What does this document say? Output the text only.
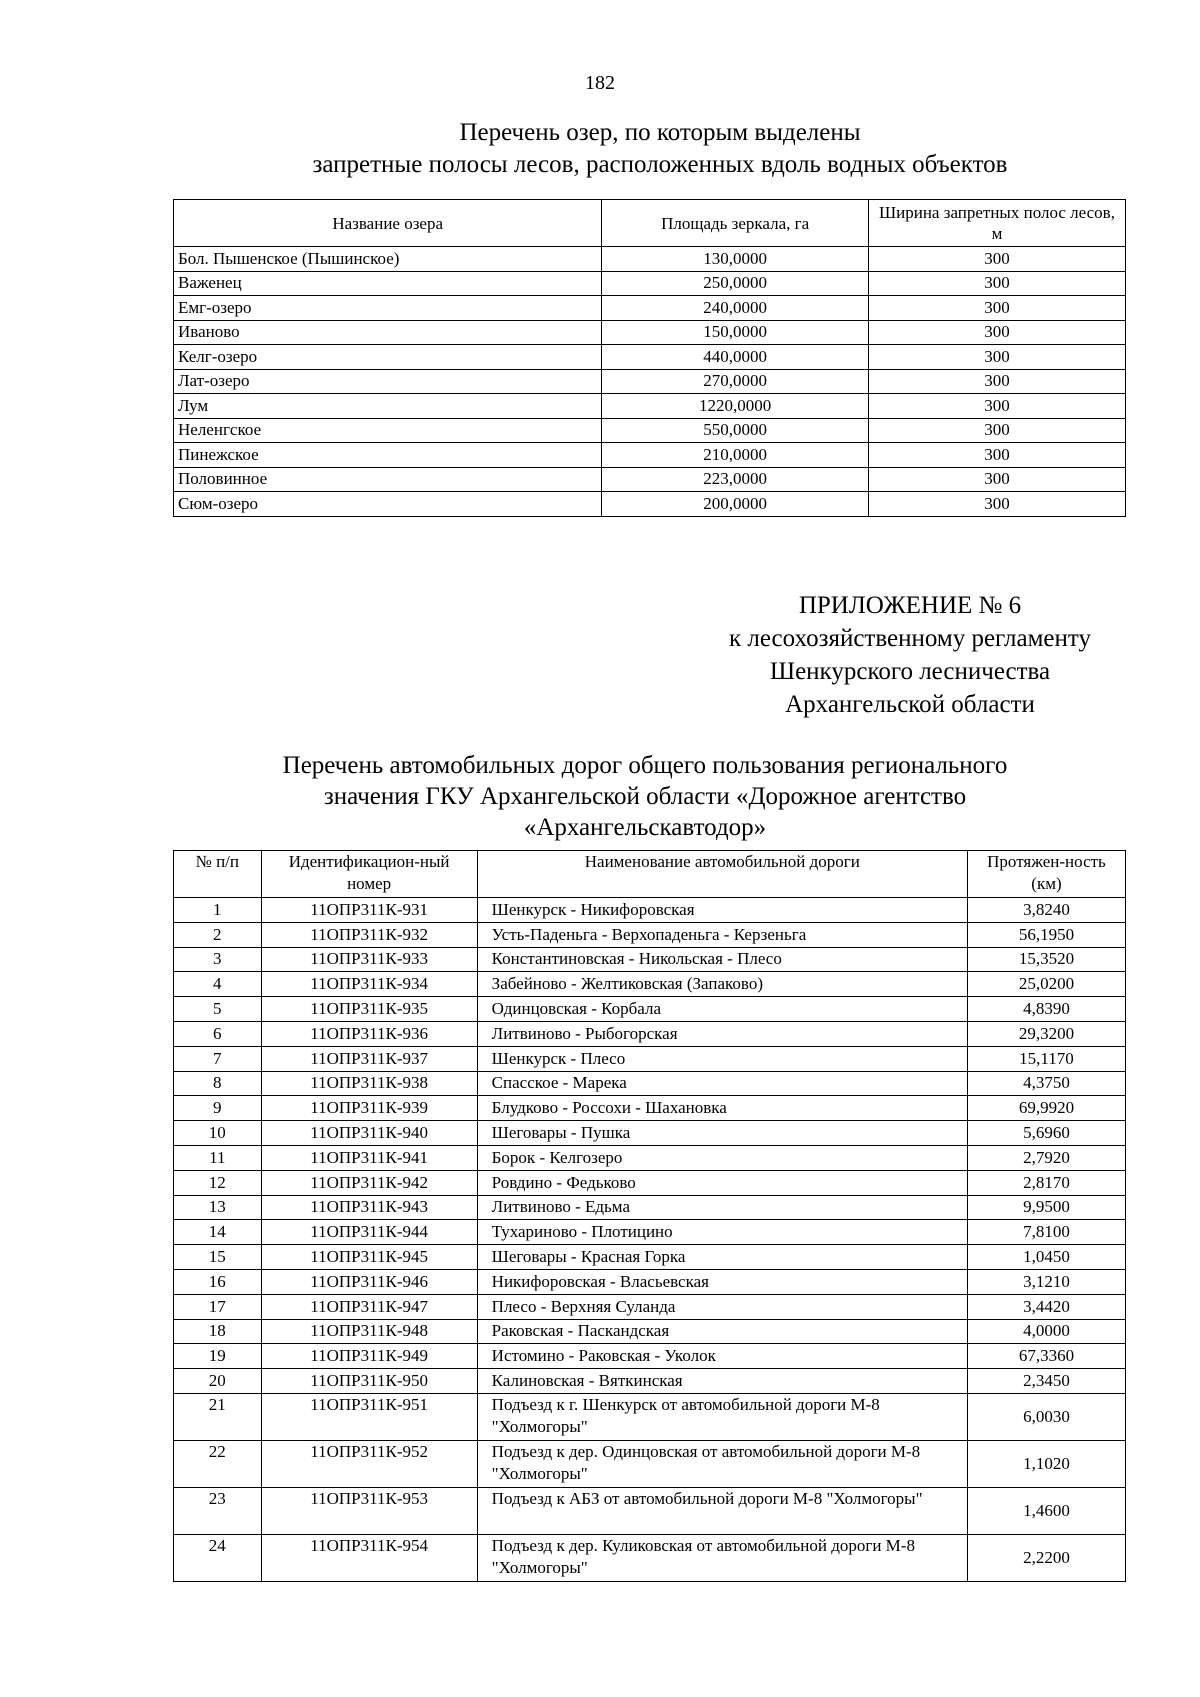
182
Перечень озер, по которым выделены
запретные полосы лесов, расположенных вдоль водных объектов
Название озера	Площадь зеркала, га	Ширина запретных полос лесов, м
Бол. Пышенское (Пышинское)	130,0000	300
Важенец	250,0000	300
Емг-озеро	240,0000	300
Иваново	150,0000	300
Келг-озеро	440,0000	300
Лат-озеро	270,0000	300
Лум	1220,0000	300
Неленгское	550,0000	300
Пинежское	210,0000	300
Половинное	223,0000	300
Сюм-озеро	200,0000	300
ПРИЛОЖЕНИЕ № 6
к лесохозяйственному регламенту
Шенкурского лесничества
Архангельской области
Перечень автомобильных дорог общего пользования регионального
значения ГКУ Архангельской области «Дорожное агентство
«Архангельскавтодор»
№ п/п	Идентификацион-ный номер	Наименование автомобильной дороги	Протяжен-ность (км)
1	11ОПР311К-931	Шенкурск - Никифоровская	3,8240
2	11ОПР311К-932	Усть-Паденьга - Верхопаденьга - Керзеньга	56,1950
3	11ОПР311К-933	Константиновская - Никольская - Плесо	15,3520
4	11ОПР311К-934	Забейново - Желтиковская (Запаково)	25,0200
5	11ОПР311К-935	Одинцовская - Корбала	4,8390
6	11ОПР311К-936	Литвиново - Рыбогорская	29,3200
7	11ОПР311К-937	Шенкурск - Плесо	15,1170
8	11ОПР311К-938	Спасское - Марека	4,3750
9	11ОПР311К-939	Блудково - Россохи - Шахановка	69,9920
10	11ОПР311К-940	Шеговары - Пушка	5,6960
11	11ОПР311К-941	Борок - Келгозеро	2,7920
12	11ОПР311К-942	Ровдино - Федьково	2,8170
13	11ОПР311К-943	Литвиново - Едьма	9,9500
14	11ОПР311К-944	Тухариново - Плотицино	7,8100
15	11ОПР311К-945	Шеговары - Красная Горка	1,0450
16	11ОПР311К-946	Никифоровская - Власьевская	3,1210
17	11ОПР311К-947	Плесо - Верхняя Суланда	3,4420
18	11ОПР311К-948	Раковская - Паскандская	4,0000
19	11ОПР311К-949	Истомино - Раковская - Уколок	67,3360
20	11ОПР311К-950	Калиновская - Вяткинская	2,3450
21	11ОПР311К-951	Подъезд к г. Шенкурск от автомобильной дороги М-8 "Холмогоры"	6,0030
22	11ОПР311К-952	Подъезд к дер. Одинцовская от автомобильной дороги М-8 "Холмогоры"	1,1020
23	11ОПР311К-953	Подъезд к АБЗ от автомобильной дороги М-8 "Холмогоры"	1,4600
24	11ОПР311К-954	Подъезд к дер. Куликовская от автомобильной дороги М-8 "Холмогоры"	2,2200
